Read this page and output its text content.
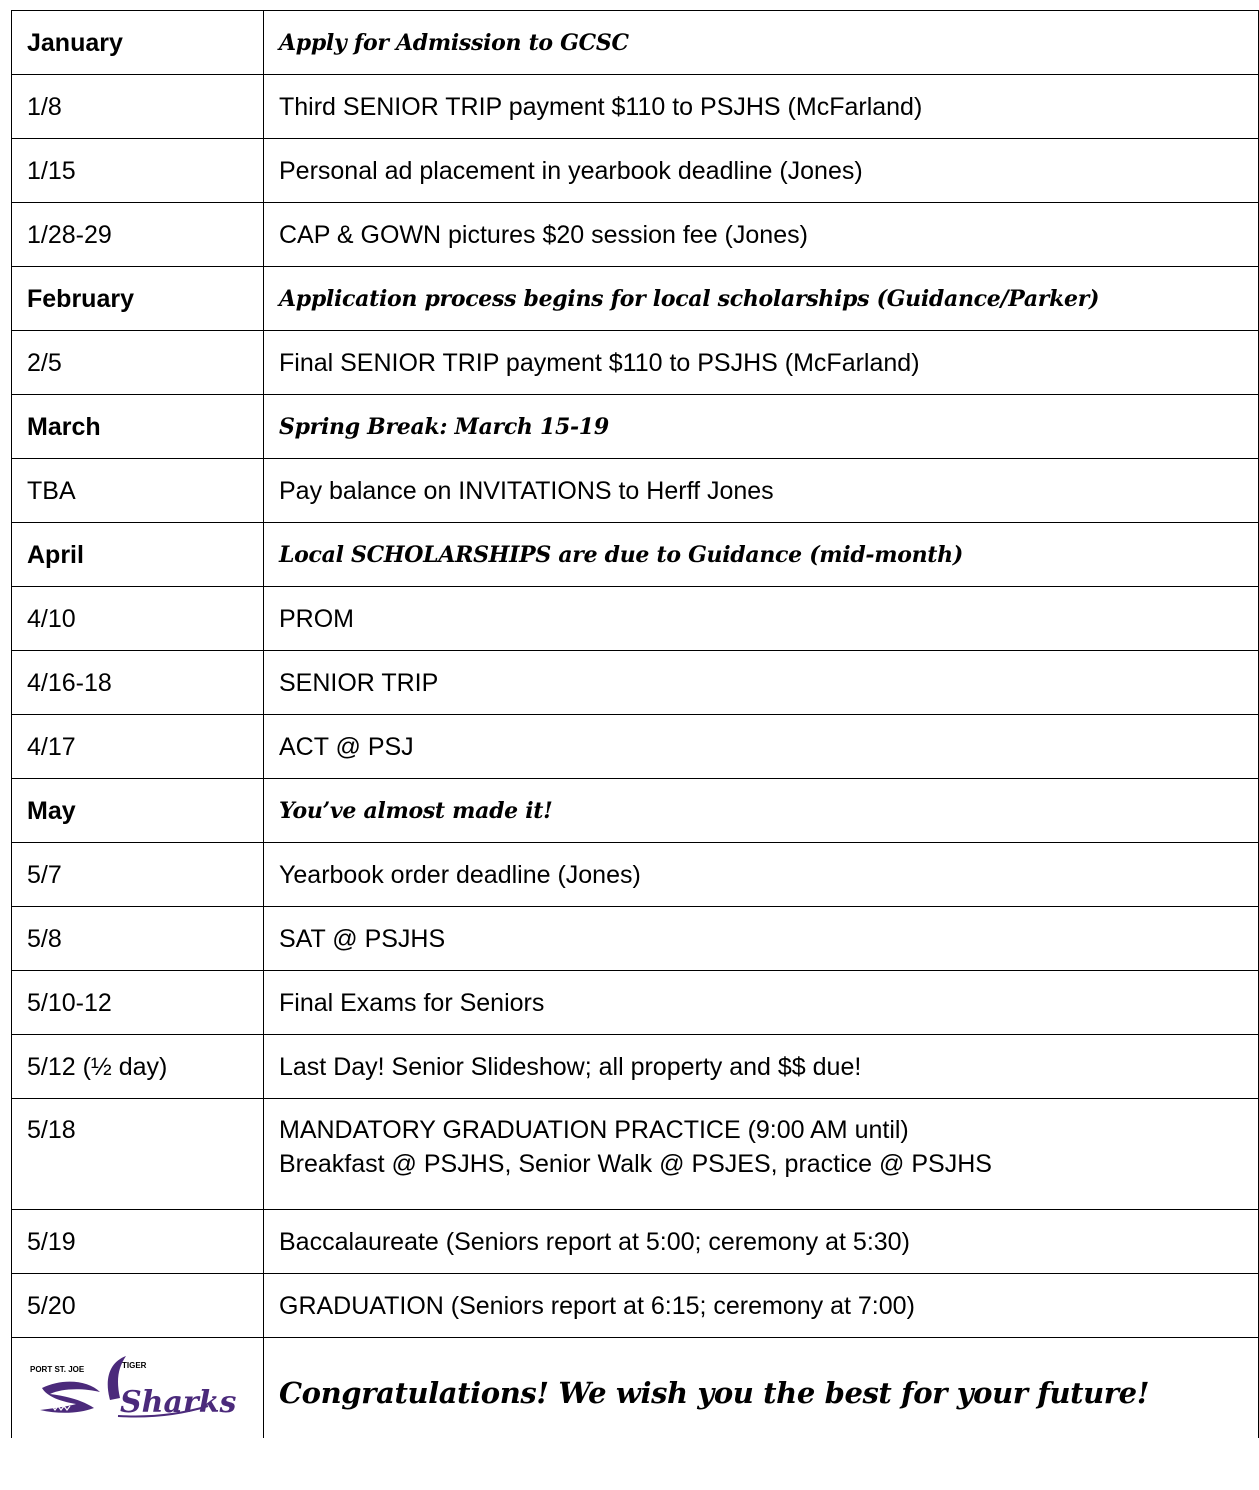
January	Apply for Admission to GCSC
1/8	Third SENIOR TRIP payment $110 to PSJHS (McFarland)
1/15	Personal ad placement in yearbook deadline (Jones)
1/28-29	CAP & GOWN pictures $20 session fee (Jones)
February	Application process begins for local scholarships (Guidance/Parker)
2/5	Final SENIOR TRIP payment $110 to PSJHS (McFarland)
March	Spring Break: March 15-19
TBA	Pay balance on INVITATIONS to Herff Jones
April	Local SCHOLARSHIPS are due to Guidance (mid-month)
4/10	PROM
4/16-18	SENIOR TRIP
4/17	ACT @ PSJ
May	You’ve almost made it!
5/7	Yearbook order deadline (Jones)
5/8	SAT @ PSJHS
5/10-12	Final Exams for Seniors
5/12 (½ day)	Last Day! Senior Slideshow; all property and $$ due!
5/18	MANDATORY GRADUATION PRACTICE (9:00 AM until)
Breakfast @ PSJHS, Senior Walk @ PSJES, practice @ PSJHS

5/19	Baccalaureate (Seniors report at 5:00; ceremony at 5:30)
5/20	GRADUATION (Seniors report at 6:15; ceremony at 7:00)

PORT ST. JOE TIGER
Sharks	Congratulations! We wish you the best for your future!
